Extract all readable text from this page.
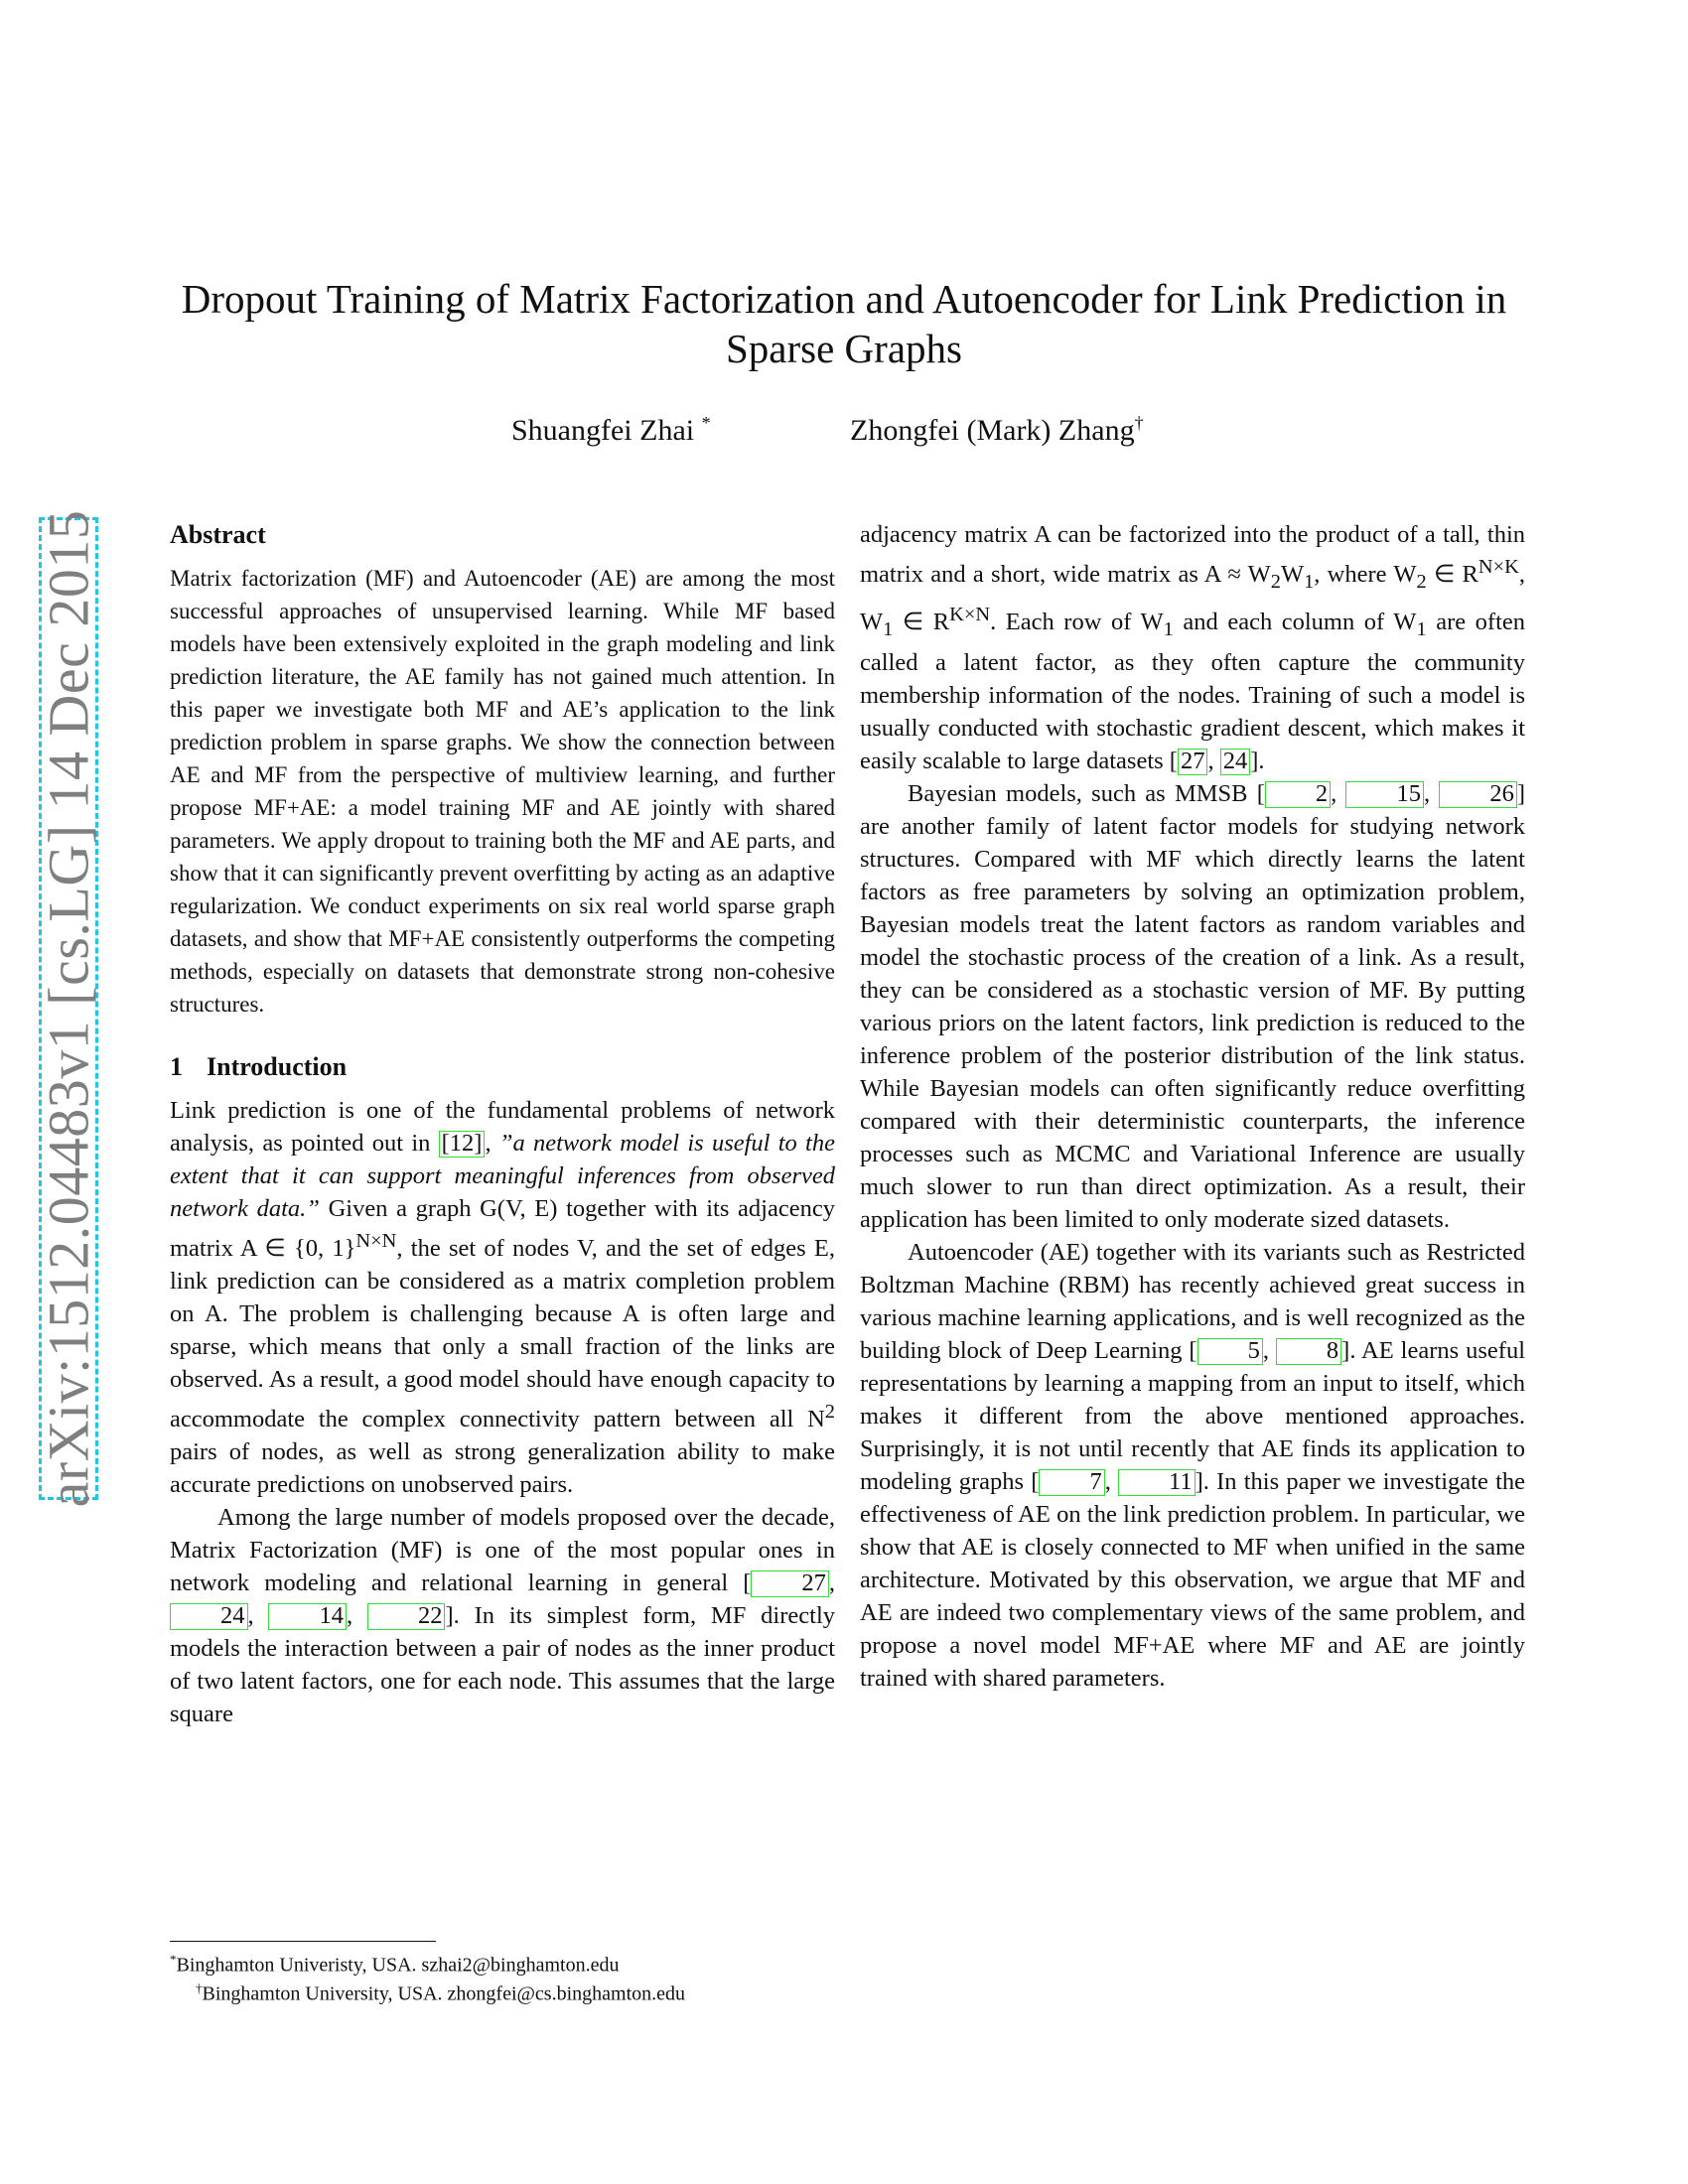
arXiv:1512.04483v1 [cs.LG] 14 Dec 2015
Dropout Training of Matrix Factorization and Autoencoder for Link Prediction in Sparse Graphs
Shuangfei Zhai *	Zhongfei (Mark) Zhang†
Abstract

Matrix factorization (MF) and Autoencoder (AE) are among the most successful approaches of unsupervised learning. While MF based models have been extensively exploited in the graph modeling and link prediction literature, the AE family has not gained much attention. In this paper we investigate both MF and AE’s application to the link prediction problem in sparse graphs. We show the connection between AE and MF from the perspective of multiview learning, and further propose MF+AE: a model training MF and AE jointly with shared parameters. We apply dropout to training both the MF and AE parts, and show that it can significantly prevent overfitting by acting as an adaptive regularization. We conduct experiments on six real world sparse graph datasets, and show that MF+AE consistently outperforms the competing methods, especially on datasets that demonstrate strong non-cohesive structures.

1 Introduction

Link prediction is one of the fundamental problems of network analysis, as pointed out in [12] , ”a network model is useful to the extent that it can support meaningful inferences from observed network data.” Given a graph G(V, E) together with its adjacency matrix A ∈ {0, 1}$^{N\times N}$, the set of nodes V, and the set of edges E, link prediction can be considered as a matrix completion problem on A. The problem is challenging because A is often large and sparse, which means that only a small fraction of the links are observed. As a result, a good model should have enough capacity to accommodate the complex connectivity pattern between all $N^2$ pairs of nodes, as well as strong generalization ability to make accurate predictions on unobserved pairs.

Among the large number of models proposed over the decade, Matrix Factorization (MF) is one of the most popular ones in network modeling and relational learning in general [ 27 , 24 , 14 , 22 ]. In its simplest form, MF directly models the interaction between a pair of nodes as the inner product of two latent factors, one for each node. This assumes that the large square

adjacency matrix A can be factorized into the product of a tall, thin matrix and a short, wide matrix as $A \approx W_2W_1$, where $W_2$ ∈ $R^{N\times K}$, $W_1$ ∈ $R^{K\times N}$. Each row of $W_1$ and each column of $W_1$ are often called a latent factor, as they often capture the community membership information of the nodes. Training of such a model is usually conducted with stochastic gradient descent, which makes it easily scalable to large datasets [ 27 , 24 ].

Bayesian models, such as MMSB [ 2 , 15 , 26 ] are another family of latent factor models for studying network structures. Compared with MF which directly learns the latent factors as free parameters by solving an optimization problem, Bayesian models treat the latent factors as random variables and model the stochastic process of the creation of a link. As a result, they can be considered as a stochastic version of MF. By putting various priors on the latent factors, link prediction is reduced to the inference problem of the posterior distribution of the link status. While Bayesian models can often significantly reduce overfitting compared with their deterministic counterparts, the inference processes such as MCMC and Variational Inference are usually much slower to run than direct optimization. As a result, their application has been limited to only moderate sized datasets.

Autoencoder (AE) together with its variants such as Restricted Boltzman Machine (RBM) has recently achieved great success in various machine learning applications, and is well recognized as the building block of Deep Learning [ 5 , 8 ]. AE learns useful representations by learning a mapping from an input to itself, which makes it different from the above mentioned approaches. Surprisingly, it is not until recently that AE finds its application to modeling graphs [ 7 , 11 ]. In this paper we investigate the effectiveness of AE on the link prediction problem. In particular, we show that AE is closely connected to MF when unified in the same architecture. Motivated by this observation, we argue that MF and AE are indeed two complementary views of the same problem, and propose a novel model MF+AE where MF and AE are jointly trained with shared parameters.

*Binghamton Univeristy, USA. szhai2@binghamton.edu
†Binghamton University, USA. zhongfei@cs.binghamton.edu
